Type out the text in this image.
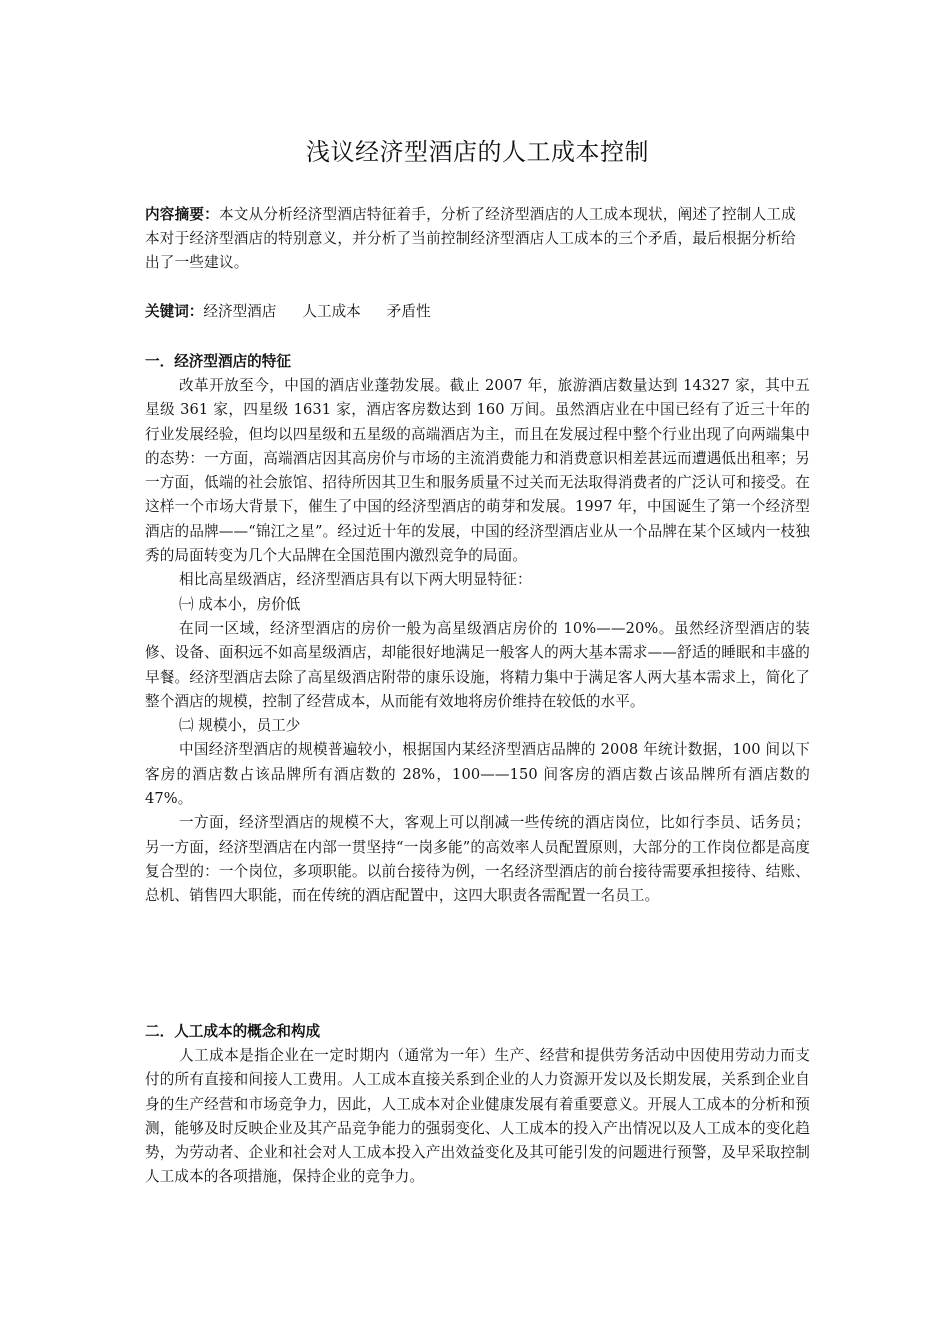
浅议经济型酒店的人工成本控制
内容摘要：本文从分析经济型酒店特征着手，分析了经济型酒店的人工成本现状，阐述了控制人工成本对于经济型酒店的特别意义，并分析了当前控制经济型酒店人工成本的三个矛盾，最后根据分析给出了一些建议。
关键词：经济型酒店 人工成本 矛盾性
一．经济型酒店的特征

改革开放至今，中国的酒店业蓬勃发展。截止 2007 年，旅游酒店数量达到 14327 家，其中五星级 361 家，四星级 1631 家，酒店客房数达到 160 万间。虽然酒店业在中国已经有了近三十年的行业发展经验，但均以四星级和五星级的高端酒店为主，而且在发展过程中整个行业出现了向两端集中的态势：一方面，高端酒店因其高房价与市场的主流消费能力和消费意识相差甚远而遭遇低出租率；另一方面，低端的社会旅馆、招待所因其卫生和服务质量不过关而无法取得消费者的广泛认可和接受。在这样一个市场大背景下，催生了中国的经济型酒店的萌芽和发展。1997 年，中国诞生了第一个经济型酒店的品牌——“锦江之星”。经过近十年的发展，中国的经济型酒店业从一个品牌在某个区域内一枝独秀的局面转变为几个大品牌在全国范围内激烈竞争的局面。

相比高星级酒店，经济型酒店具有以下两大明显特征：

㈠ 成本小，房价低

在同一区域，经济型酒店的房价一般为高星级酒店房价的 10%——20%。虽然经济型酒店的装修、设备、面积远不如高星级酒店，却能很好地满足一般客人的两大基本需求——舒适的睡眠和丰盛的早餐。经济型酒店去除了高星级酒店附带的康乐设施，将精力集中于满足客人两大基本需求上，简化了整个酒店的规模，控制了经营成本，从而能有效地将房价维持在较低的水平。

㈡ 规模小，员工少

中国经济型酒店的规模普遍较小，根据国内某经济型酒店品牌的 2008 年统计数据，100 间以下客房的酒店数占该品牌所有酒店数的 28%，100——150 间客房的酒店数占该品牌所有酒店数的 47%。

一方面，经济型酒店的规模不大，客观上可以削减一些传统的酒店岗位，比如行李员、话务员；另一方面，经济型酒店在内部一贯坚持“一岗多能”的高效率人员配置原则，大部分的工作岗位都是高度复合型的：一个岗位，多项职能。以前台接待为例，一名经济型酒店的前台接待需要承担接待、结账、总机、销售四大职能，而在传统的酒店配置中，这四大职责各需配置一名员工。

二．人工成本的概念和构成

人工成本是指企业在一定时期内（通常为一年）生产、经营和提供劳务活动中因使用劳动力而支付的所有直接和间接人工费用。人工成本直接关系到企业的人力资源开发以及长期发展，关系到企业自身的生产经营和市场竞争力，因此，人工成本对企业健康发展有着重要意义。开展人工成本的分析和预测，能够及时反映企业及其产品竞争能力的强弱变化、人工成本的投入产出情况以及人工成本的变化趋势，为劳动者、企业和社会对人工成本投入产出效益变化及其可能引发的问题进行预警，及早采取控制人工成本的各项措施，保持企业的竞争力。
